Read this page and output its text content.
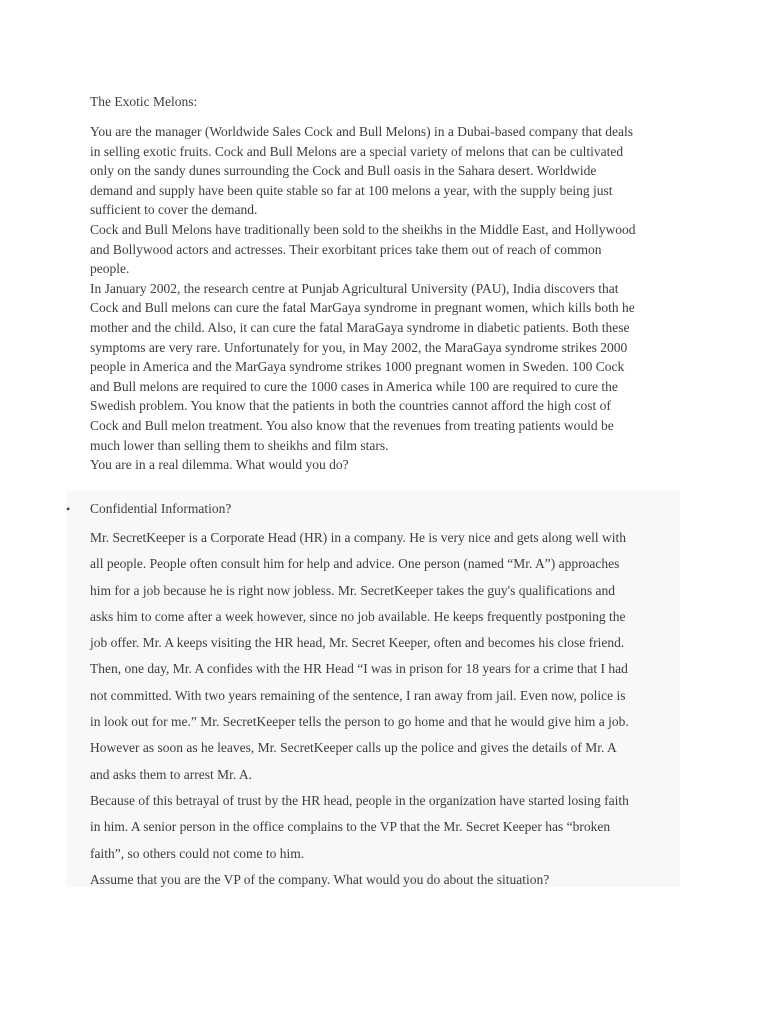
The Exotic Melons:

You are the manager (Worldwide Sales Cock and Bull Melons) in a Dubai-based company that deals

in selling exotic fruits. Cock and Bull Melons are a special variety of melons that can be cultivated

only on the sandy dunes surrounding the Cock and Bull oasis in the Sahara desert. Worldwide

demand and supply have been quite stable so far at 100 melons a year, with the supply being just

sufficient to cover the demand.

Cock and Bull Melons have traditionally been sold to the sheikhs in the Middle East, and Hollywood

and Bollywood actors and actresses. Their exorbitant prices take them out of reach of common

people.

In January 2002, the research centre at Punjab Agricultural University (PAU), India discovers that

Cock and Bull melons can cure the fatal MarGaya syndrome in pregnant women, which kills both he

mother and the child. Also, it can cure the fatal MaraGaya syndrome in diabetic patients. Both these

symptoms are very rare. Unfortunately for you, in May 2002, the MaraGaya syndrome strikes 2000

people in America and the MarGaya syndrome strikes 1000 pregnant women in Sweden. 100 Cock

and Bull melons are required to cure the 1000 cases in America while 100 are required to cure the

Swedish problem. You know that the patients in both the countries cannot afford the high cost of

Cock and Bull melon treatment. You also know that the revenues from treating patients would be

much lower than selling them to sheikhs and film stars.

You are in a real dilemma. What would you do?

• Confidential Information?

Mr. SecretKeeper is a Corporate Head (HR) in a company. He is very nice and gets along well with

all people. People often consult him for help and advice. One person (named “Mr. A”) approaches

him for a job because he is right now jobless. Mr. SecretKeeper takes the guy's qualifications and

asks him to come after a week however, since no job available. He keeps frequently postponing the

job offer. Mr. A keeps visiting the HR head, Mr. Secret Keeper, often and becomes his close friend.

Then, one day, Mr. A confides with the HR Head “I was in prison for 18 years for a crime that I had

not committed. With two years remaining of the sentence, I ran away from jail. Even now, police is

in look out for me.” Mr. SecretKeeper tells the person to go home and that he would give him a job.

However as soon as he leaves, Mr. SecretKeeper calls up the police and gives the details of Mr. A

and asks them to arrest Mr. A.

Because of this betrayal of trust by the HR head, people in the organization have started losing faith

in him. A senior person in the office complains to the VP that the Mr. Secret Keeper has “broken

faith”, so others could not come to him.

Assume that you are the VP of the company. What would you do about the situation?
